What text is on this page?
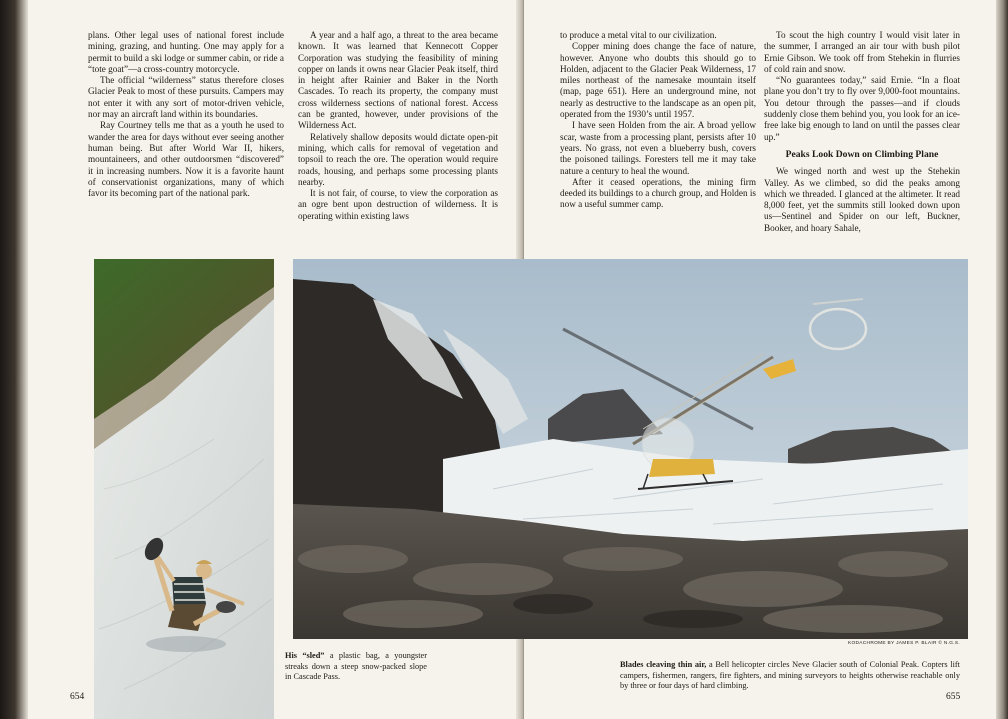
plans. Other legal uses of national forest include mining, grazing, and hunting. One may apply for a permit to build a ski lodge or summer cabin, or ride a “tote goat”—a cross-country motorcycle.

The official “wilderness” status therefore closes Glacier Peak to most of these pursuits. Campers may not enter it with any sort of motor-driven vehicle, nor may an aircraft land within its boundaries.

Ray Courtney tells me that as a youth he used to wander the area for days without ever seeing another human being. But after World War II, hikers, mountaineers, and other outdoorsmen “discovered” it in increasing numbers. Now it is a favorite haunt of conservationist organizations, many of which favor its becoming part of the national park.

A year and a half ago, a threat to the area became known. It was learned that Kennecott Copper Corporation was studying the feasibility of mining copper on lands it owns near Glacier Peak itself, third in height after Rainier and Baker in the North Cascades. To reach its property, the company must cross wilderness sections of national forest. Access can be granted, however, under provisions of the Wilderness Act.

Relatively shallow deposits would dictate open-pit mining, which calls for removal of vegetation and topsoil to reach the ore. The operation would require roads, housing, and perhaps some processing plants nearby.

It is not fair, of course, to view the corporation as an ogre bent upon destruction of wilderness. It is operating within existing laws

His “sled” a plastic bag, a youngster streaks down a steep snow-packed slope in Cascade Pass.
654

to produce a metal vital to our civilization.

Copper mining does change the face of nature, however. Anyone who doubts this should go to Holden, adjacent to the Glacier Peak Wilderness, 17 miles northeast of the namesake mountain itself (map, page 651). Here an underground mine, not nearly as destructive to the landscape as an open pit, operated from the 1930’s until 1957.

I have seen Holden from the air. A broad yellow scar, waste from a processing plant, persists after 10 years. No grass, not even a blueberry bush, covers the poisoned tailings. Foresters tell me it may take nature a century to heal the wound.

After it ceased operations, the mining firm deeded its buildings to a church group, and Holden is now a useful summer camp.

To scout the high country I would visit later in the summer, I arranged an air tour with bush pilot Ernie Gibson. We took off from Stehekin in flurries of cold rain and snow.

“No guarantees today,” said Ernie. “In a float plane you don’t try to fly over 9,000-foot mountains. You detour through the passes—and if clouds suddenly close them behind you, you look for an ice-free lake big enough to land on until the passes clear up.”

Peaks Look Down on Climbing Plane

We winged north and west up the Stehekin Valley. As we climbed, so did the peaks among which we threaded. I glanced at the altimeter. It read 8,000 feet, yet the summits still looked down upon us—Sentinel and Spider on our left, Buckner, Booker, and hoary Sahale,

KODACHROME BY JAMES P. BLAIR © N.G.S.
Blades cleaving thin air, a Bell helicopter circles Neve Glacier south of Colonial Peak. Copters lift campers, fishermen, rangers, fire fighters, and mining surveyors to heights otherwise reachable only by three or four days of hard climbing.
655
